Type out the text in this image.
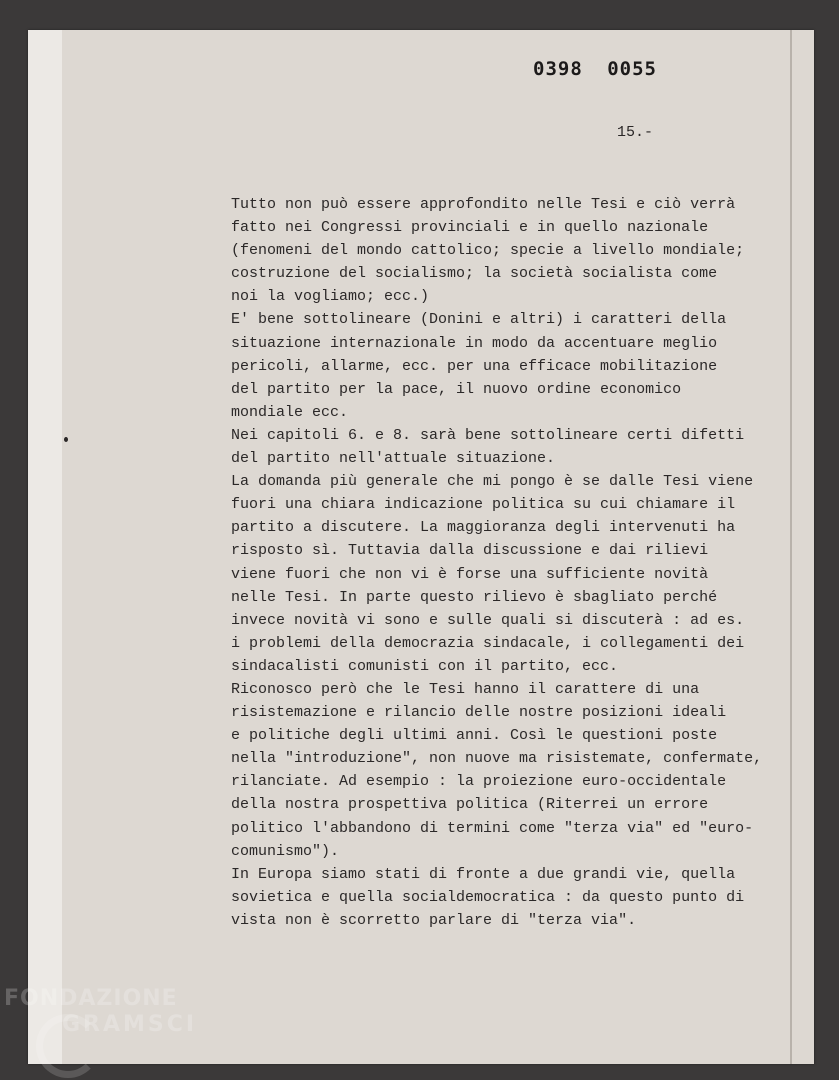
0398 0055
15.-
Tutto non può essere approfondito nelle Tesi e ciò verrà
fatto nei Congressi provinciali e in quello nazionale
(fenomeni del mondo cattolico; specie a livello mondiale;
costruzione del socialismo; la società socialista come
noi la vogliamo; ecc.)
E' bene sottolineare (Donini e altri) i caratteri della
situazione internazionale in modo da accentuare meglio
pericoli, allarme, ecc. per una efficace mobilitazione
del partito per la pace, il nuovo ordine economico
mondiale ecc.
Nei capitoli 6. e 8. sarà bene sottolineare certi difetti
del partito nell'attuale situazione.
La domanda più generale che mi pongo è se dalle Tesi viene
fuori una chiara indicazione politica su cui chiamare il
partito a discutere. La maggioranza degli intervenuti ha
risposto sì. Tuttavia dalla discussione e dai rilievi
viene fuori che non vi è forse una sufficiente novità
nelle Tesi. In parte questo rilievo è sbagliato perché
invece novità vi sono e sulle quali si discuterà : ad es.
i problemi della democrazia sindacale, i collegamenti dei
sindacalisti comunisti con il partito, ecc.
Riconosco però che le Tesi hanno il carattere di una
risistemazione e rilancio delle nostre posizioni ideali
e politiche degli ultimi anni. Così le questioni poste
nella "introduzione", non nuove ma risistemate, confermate,
rilanciate. Ad esempio : la proiezione euro-occidentale
della nostra prospettiva politica (Riterrei un errore
politico l'abbandono di termini come "terza via" ed "euro-
comunismo").
In Europa siamo stati di fronte a due grandi vie, quella
sovietica e quella socialdemocratica : da questo punto di
vista non è scorretto parlare di "terza via".
FONDAZIONE
GRAMSCI
